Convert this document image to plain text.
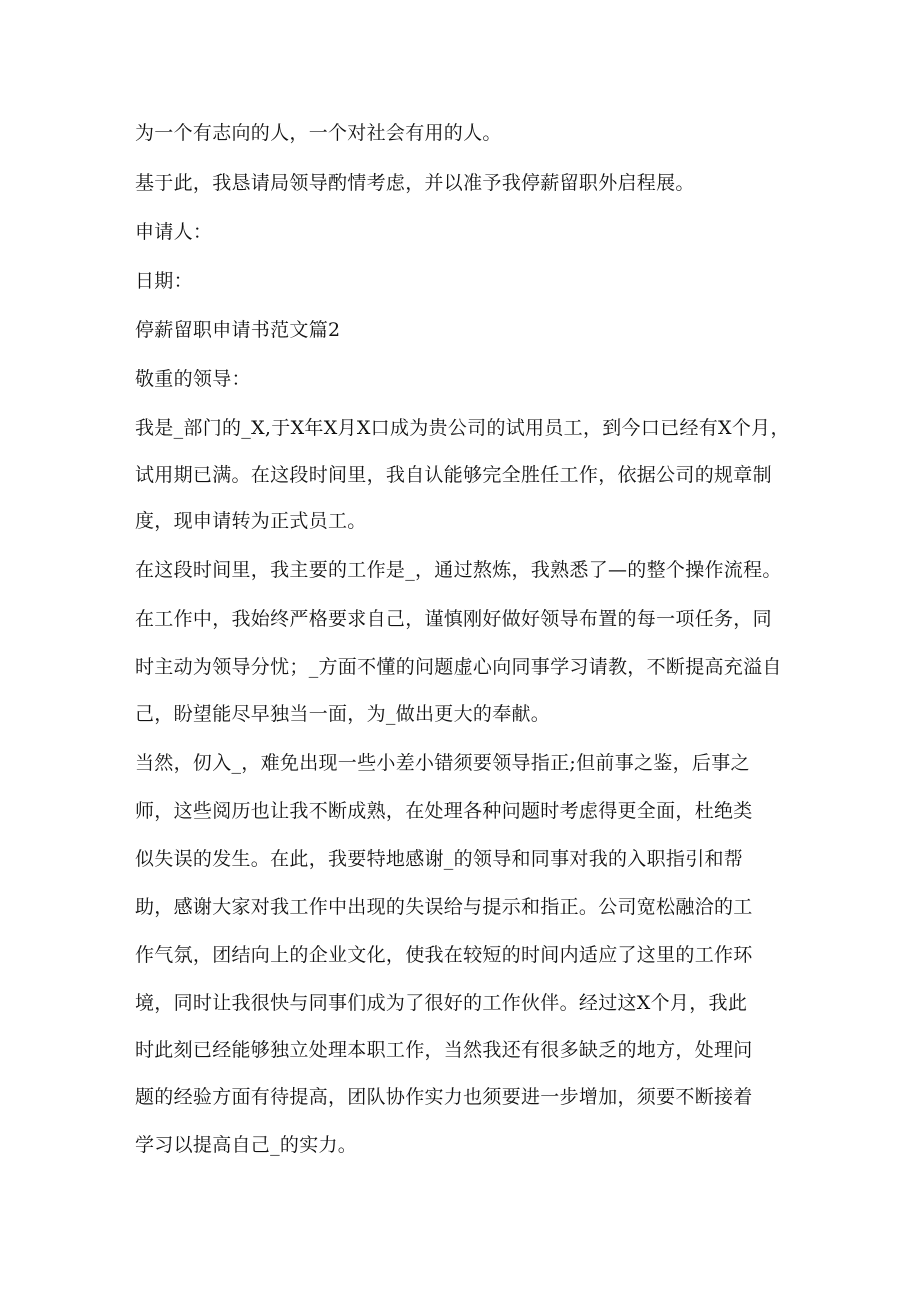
为一个有志向的人，一个对社会有用的人。
基于此，我恳请局领导酌情考虑，并以准予我停薪留职外启程展。
申请人：
日期：
停薪留职申请书范文篇2
敬重的领导：
我是_部门的_X,于X年X月X口成为贵公司的试用员工，到今口已经有X个月，
试用期已满。在这段时间里，我自认能够完全胜任工作，依据公司的规章制
度，现申请转为正式员工。
在这段时间里，我主要的工作是_，通过熬炼，我熟悉了—的整个操作流程。
在工作中，我始终严格要求自己，谨慎刚好做好领导布置的每一项任务，同
时主动为领导分忧；_方面不懂的问题虚心向同事学习请教，不断提高充溢自
己，盼望能尽早独当一面，为_做出更大的奉献。
当然，仞入_，难免出现一些小差小错须要领导指正;但前事之鉴，后事之
师，这些阅历也让我不断成熟，在处理各种问题时考虑得更全面，杜绝类
似失误的发生。在此，我要特地感谢_的领导和同事对我的入职指引和帮
助，感谢大家对我工作中出现的失误给与提示和指正。公司宽松融洽的工
作气氛，团结向上的企业文化，使我在较短的时间内适应了这里的工作环
境，同时让我很快与同事们成为了很好的工作伙伴。经过这X个月，我此
时此刻已经能够独立处理本职工作，当然我还有很多缺乏的地方，处理问
题的经验方面有待提高，团队协作实力也须要进一步增加，须要不断接着
学习以提高自己_的实力。
